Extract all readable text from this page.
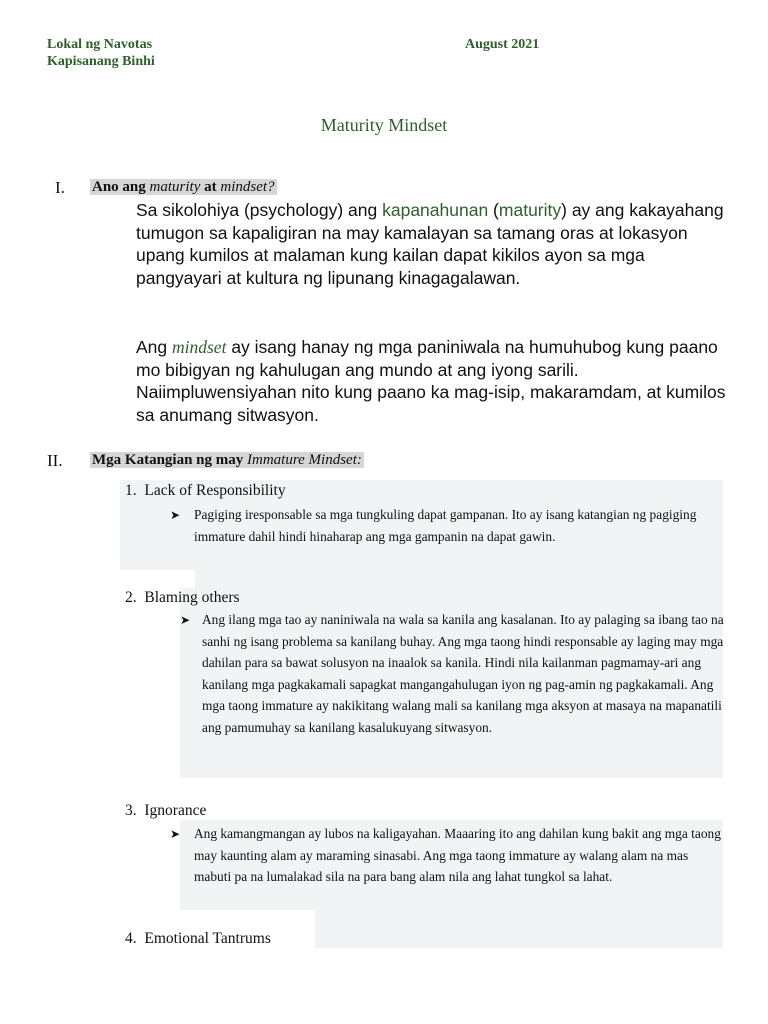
Lokal ng Navotas
Kapisanang Binhi
August 2021
Maturity Mindset
I. Ano ang maturity at mindset?

Sa sikolohiya (psychology) ang kapanahunan (maturity) ay ang kakayahang tumugon sa kapaligiran na may kamalayan sa tamang oras at lokasyon upang kumilos at malaman kung kailan dapat kikilos ayon sa mga pangyayari at kultura ng lipunang kinagagalawan.

Ang mindset ay isang hanay ng mga paniniwala na humuhubog kung paano mo bibigyan ng kahulugan ang mundo at ang iyong sarili. Naiimpluwensiyahan nito kung paano ka mag-isip, makaramdam, at kumilos sa anumang sitwasyon.

II. Mga Katangian ng may Immature Mindset:
1. Lack of Responsibility
➤	Pagiging iresponsable sa mga tungkuling dapat gampanan. Ito ay isang katangian ng pagiging immature dahil hindi hinaharap ang mga gampanin na dapat gawin.

2. Blaming others
➤ Ang ilang mga tao ay naniniwala na wala sa kanila ang kasalanan. Ito ay palaging sa ibang tao na sanhi ng isang problema sa kanilang buhay. Ang mga taong hindi responsable ay laging may mga dahilan para sa bawat solusyon na inaalok sa kanila. Hindi nila kailanman pagmamay-ari ang kanilang mga pagkakamali sapagkat mangangahulugan iyon ng pag-amin ng pagkakamali. Ang mga taong immature ay nakikitang walang mali sa kanilang mga aksyon at masaya na mapanatili ang pamumuhay sa kanilang kasalukuyang sitwasyon.

3. Ignorance
➤	Ang kamangmangan ay lubos na kaligayahan. Maaaring ito ang dahilan kung bakit ang mga taong may kaunting alam ay maraming sinasabi. Ang mga taong immature ay walang alam na mas mabuti pa na lumalakad sila na para bang alam nila ang lahat tungkol sa lahat.

4. Emotional Tantrums
